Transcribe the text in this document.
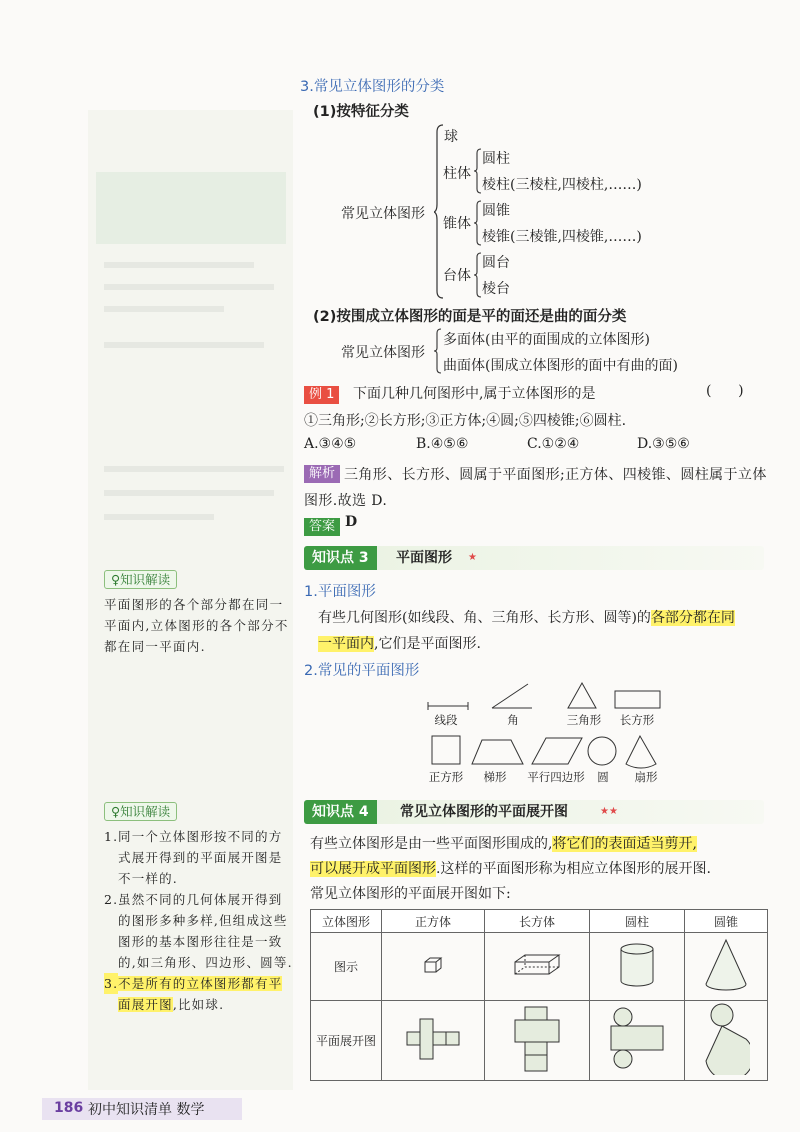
3.常见立体图形的分类
(1)按特征分类
常见立体图形
球
柱体
圆柱
棱柱(三棱柱,四棱柱,……)
锥体
圆锥
棱锥(三棱锥,四棱锥,……)
台体
圆台
棱台
(2)按围成立体图形的面是平的面还是曲的面分类
常见立体图形
多面体(由平的面围成的立体图形)
曲面体(围成立体图形的面中有曲的面)
例 1	下面几种几何图形中,属于立体图形的是	(      )
①三角形;②长方形;③正方体;④圆;⑤四棱锥;⑥圆柱.
A.③④⑤	B.④⑤⑥	C.①②④	D.③⑤⑥
解析 三角形、长方形、圆属于平面图形;正方体、四棱锥、圆柱属于立体图形.故选 D.
答案 D
知识点 3	平面图形 ★
1.平面图形
有些几何图形(如线段、角、三角形、长方形、圆等)的各部分都在同
一平面内,它们是平面图形.
2.常见的平面图形
线段	角	三角形	长方形
正方形	梯形	平行四边形	圆	扇形
知识点 4	常见立体图形的平面展开图	★★
有些立体图形是由一些平面图形围成的,将它们的表面适当剪开,
可以展开成平面图形.这样的平面图形称为相应立体图形的展开图.
常见立体图形的平面展开图如下:
立体图形	正方体	长方体	圆柱	圆锥
图示				
平面展开图				
♀知识解读
平面图形的各个部分都在同一平面内,立体图形的各个部分不都在同一平面内.
♀知识解读
1. 同一个立体图形按不同的方式展开得到的平面展开图是不一样的.
2. 虽然不同的几何体展开得到的图形多种多样,但组成这些图形的基本图形往往是一致的,如三角形、四边形、圆等.
3. 不是所有的立体图形都有平面展开图,比如球.
186 初中知识清单 数学
